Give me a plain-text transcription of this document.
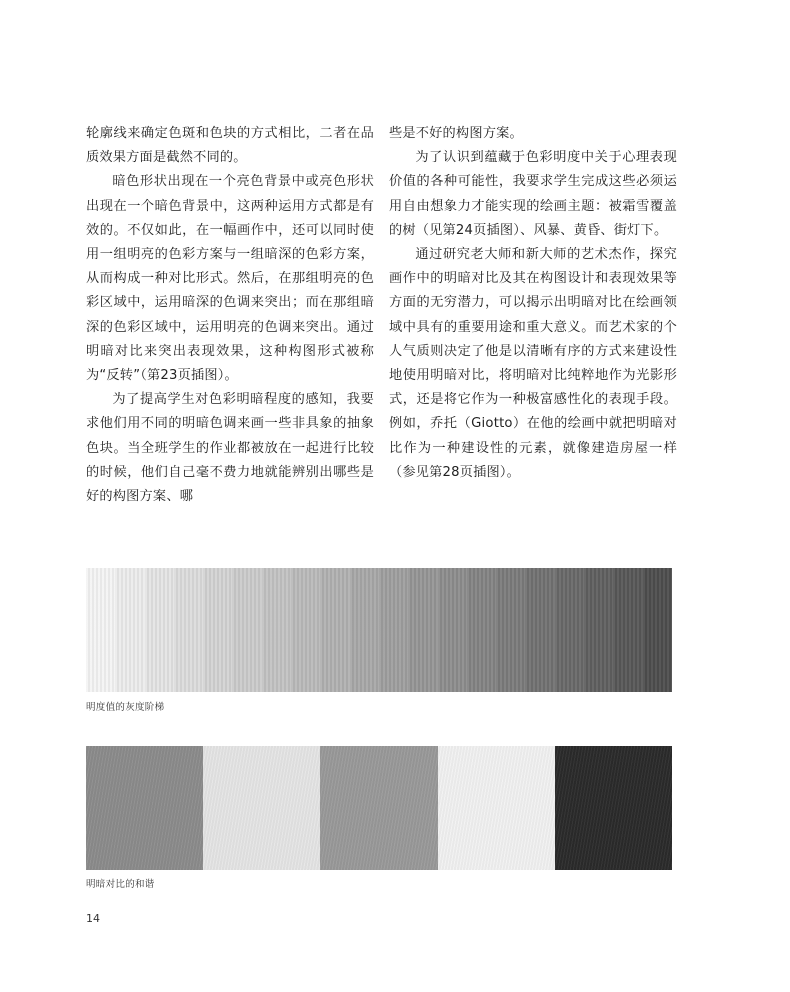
轮廓线来确定色斑和色块的方式相比，二者在品质效果方面是截然不同的。

暗色形状出现在一个亮色背景中或亮色形状出现在一个暗色背景中，这两种运用方式都是有效的。不仅如此，在一幅画作中，还可以同时使用一组明亮的色彩方案与一组暗深的色彩方案，从而构成一种对比形式。然后，在那组明亮的色彩区域中，运用暗深的色调来突出；而在那组暗深的色彩区域中，运用明亮的色调来突出。通过明暗对比来突出表现效果，这种构图形式被称为“反转”（第23页插图）。

为了提高学生对色彩明暗程度的感知，我要求他们用不同的明暗色调来画一些非具象的抽象色块。当全班学生的作业都被放在一起进行比较的时候，他们自己毫不费力地就能辨别出哪些是好的构图方案、哪

些是不好的构图方案。

为了认识到蕴藏于色彩明度中关于心理表现价值的各种可能性，我要求学生完成这些必须运用自由想象力才能实现的绘画主题：被霜雪覆盖的树（见第24页插图）、风暴、黄昏、街灯下。

通过研究老大师和新大师的艺术杰作，探究画作中的明暗对比及其在构图设计和表现效果等方面的无穷潜力，可以揭示出明暗对比在绘画领域中具有的重要用途和重大意义。而艺术家的个人气质则决定了他是以清晰有序的方式来建设性地使用明暗对比，将明暗对比纯粹地作为光影形式，还是将它作为一种极富感性化的表现手段。例如，乔托（Giotto）在他的绘画中就把明暗对比作为一种建设性的元素，就像建造房屋一样（参见第28页插图）。

明度值的灰度阶梯
明暗对比的和谐
14
